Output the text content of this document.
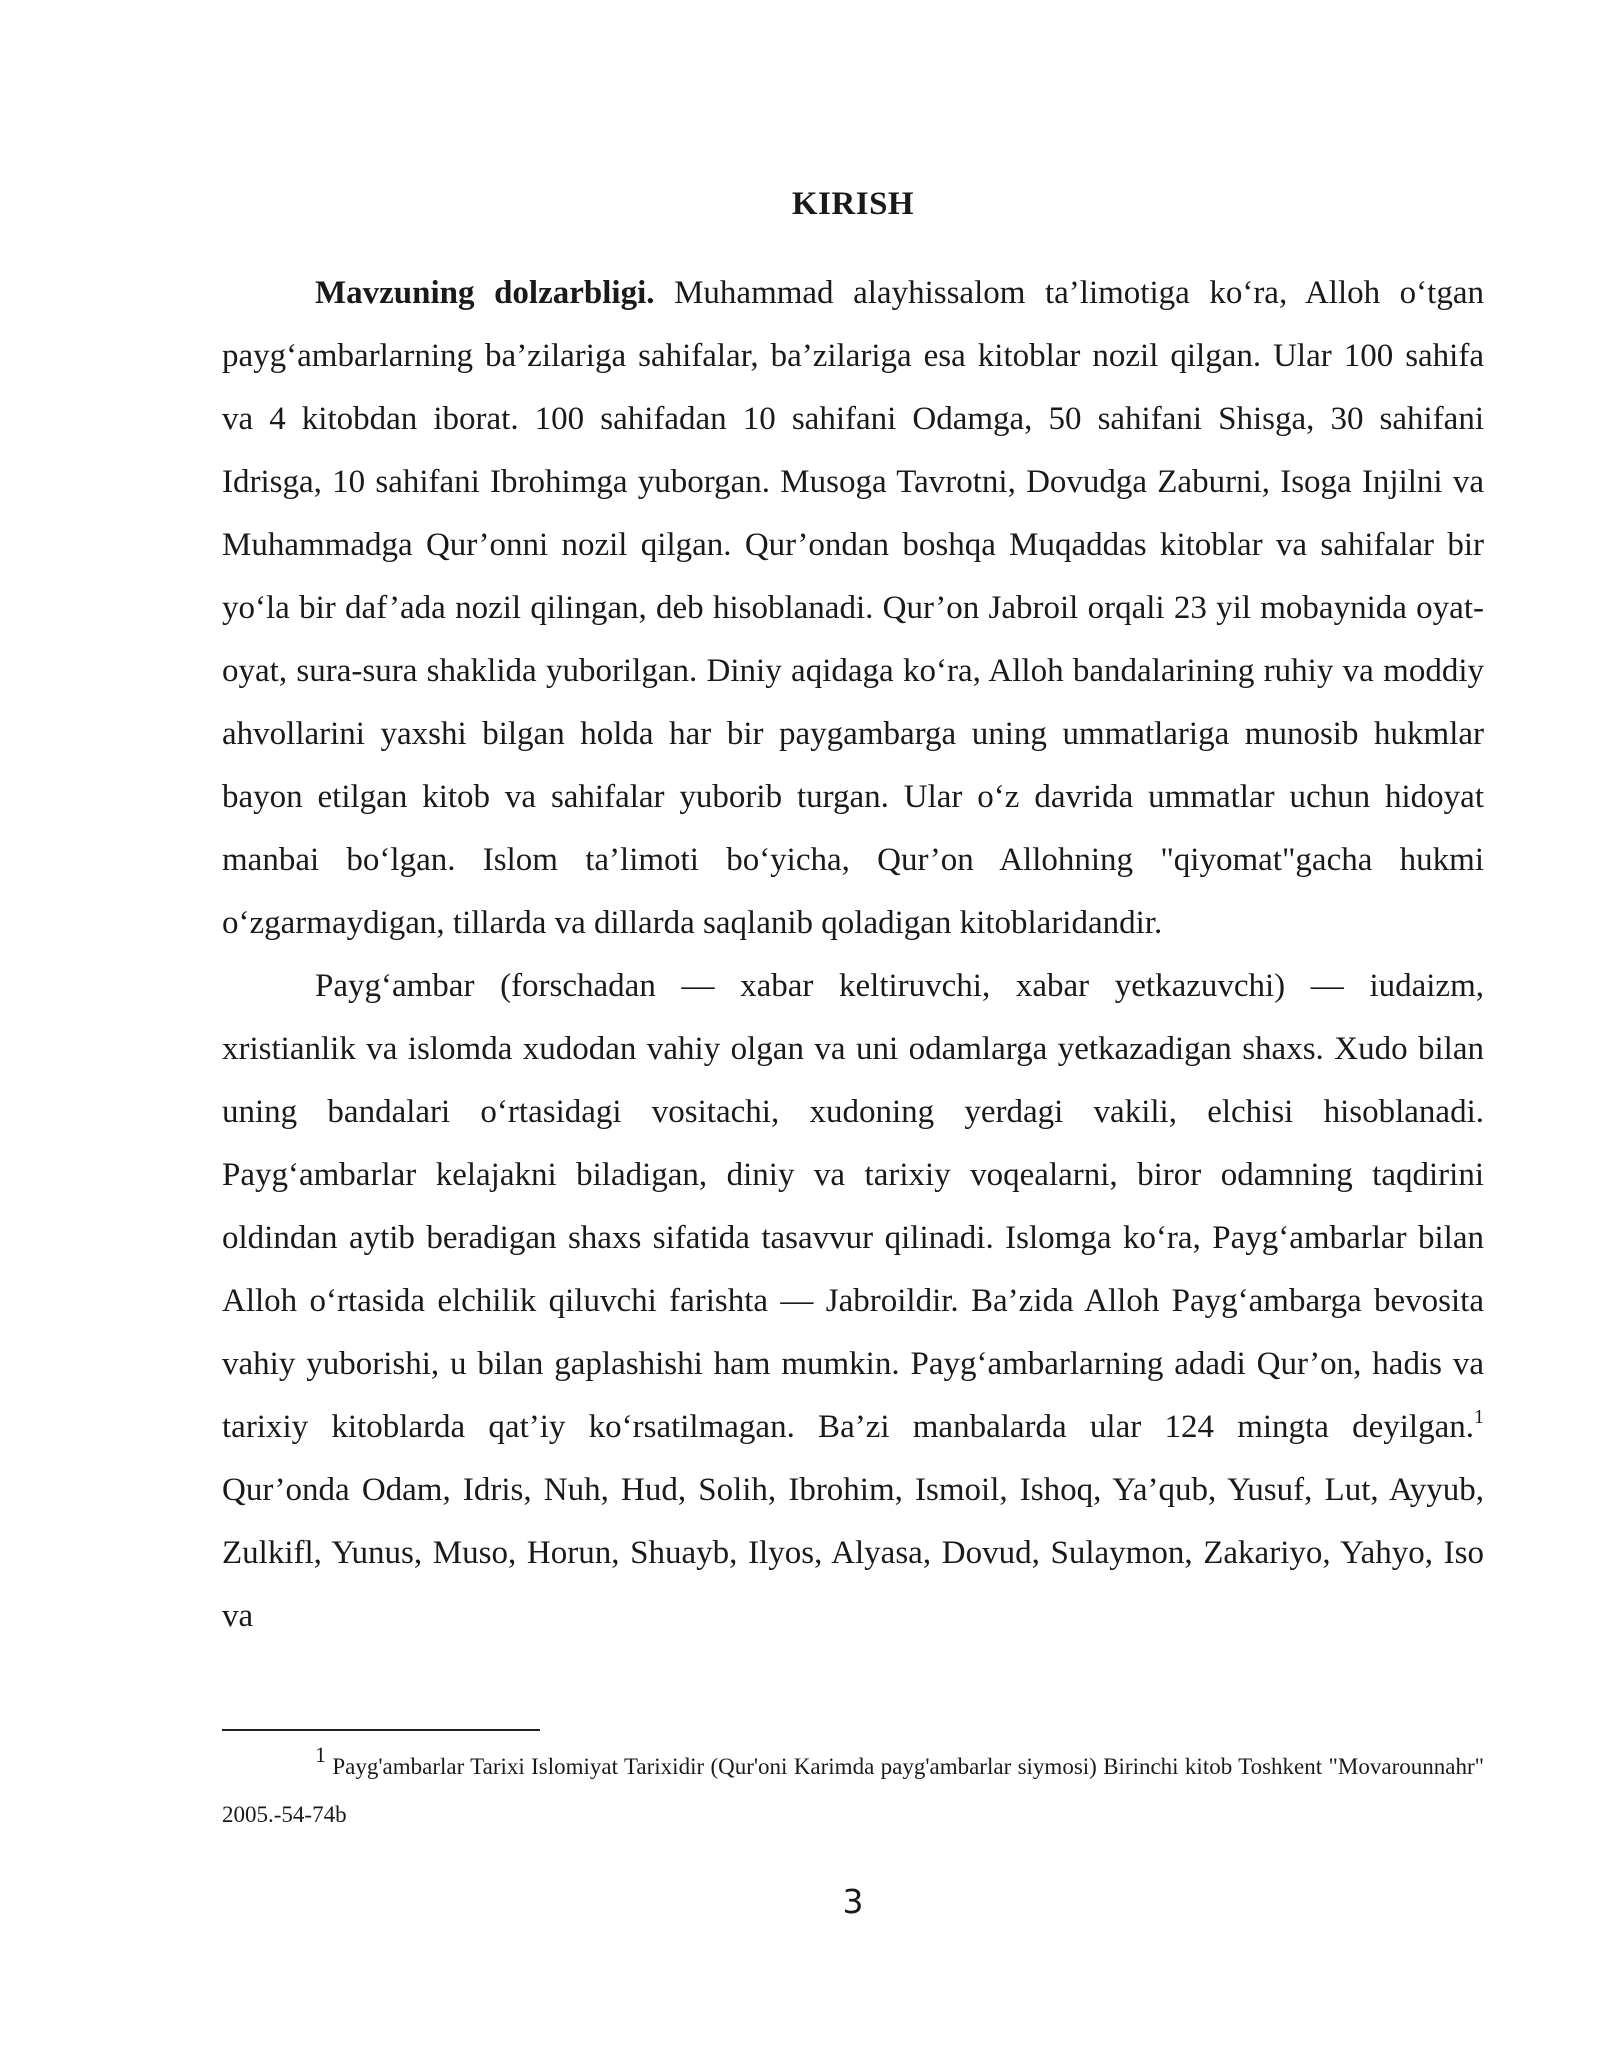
KIRISH

Mavzuning dolzarbligi. Muhammad alayhissalom ta’limotiga ko‘ra, Alloh o‘tgan payg‘ambarlarning ba’zilariga sahifalar, ba’zilariga esa kitoblar nozil qilgan. Ular 100 sahifa va 4 kitobdan iborat. 100 sahifadan 10 sahifani Odamga, 50 sahifani Shisga, 30 sahifani Idrisga, 10 sahifani Ibrohimga yuborgan. Musoga Tavrotni, Dovudga Zaburni, Isoga Injilni va Muhammadga Qur’onni nozil qilgan. Qur’ondan boshqa Muqaddas kitoblar va sahifalar bir yo‘la bir daf’ada nozil qilingan, deb hisoblanadi. Qur’on Jabroil orqali 23 yil mobaynida oyat-oyat, sura-sura shaklida yuborilgan. Diniy aqidaga ko‘ra, Alloh bandalarining ruhiy va moddiy ahvollarini yaxshi bilgan holda har bir paygambarga uning ummatlariga munosib hukmlar bayon etilgan kitob va sahifalar yuborib turgan. Ular o‘z davrida ummatlar uchun hidoyat manbai bo‘lgan. Islom ta’limoti bo‘yicha, Qur’on Allohning "qiyomat"gacha hukmi o‘zgarmaydigan, tillarda va dillarda saqlanib qoladigan kitoblaridandir.

Payg‘ambar (forschadan — xabar keltiruvchi, xabar yetkazuvchi) — iudaizm, xristianlik va islomda xudodan vahiy olgan va uni odamlarga yetkazadigan shaxs. Xudo bilan uning bandalari o‘rtasidagi vositachi, xudoning yerdagi vakili, elchisi hisoblanadi. Payg‘ambarlar kelajakni biladigan, diniy va tarixiy voqealarni, biror odamning taqdirini oldindan aytib beradigan shaxs sifatida tasavvur qilinadi. Islomga ko‘ra, Payg‘ambarlar bilan Alloh o‘rtasida elchilik qiluvchi farishta — Jabroildir. Ba’zida Alloh Payg‘ambarga bevosita vahiy yuborishi, u bilan gaplashishi ham mumkin. Payg‘ambarlarning adadi Qur’on, hadis va tarixiy kitoblarda qat’iy ko‘rsatilmagan. Ba’zi manbalarda ular 124 mingta deyilgan.$^1$ Qur’onda Odam, Idris, Nuh, Hud, Solih, Ibrohim, Ismoil, Ishoq, Ya’qub, Yusuf, Lut, Ayyub, Zulkifl, Yunus, Muso, Horun, Shuayb, Ilyos, Alyasa, Dovud, Sulaymon, Zakariyo, Yahyo, Iso va

$^1$ Payg'ambarlar Tarixi Islomiyat Tarixidir (Qur'oni Karimda payg'ambarlar siymosi) Birinchi kitob Toshkent "Movarounnahr" 2005.-54-74b

3
